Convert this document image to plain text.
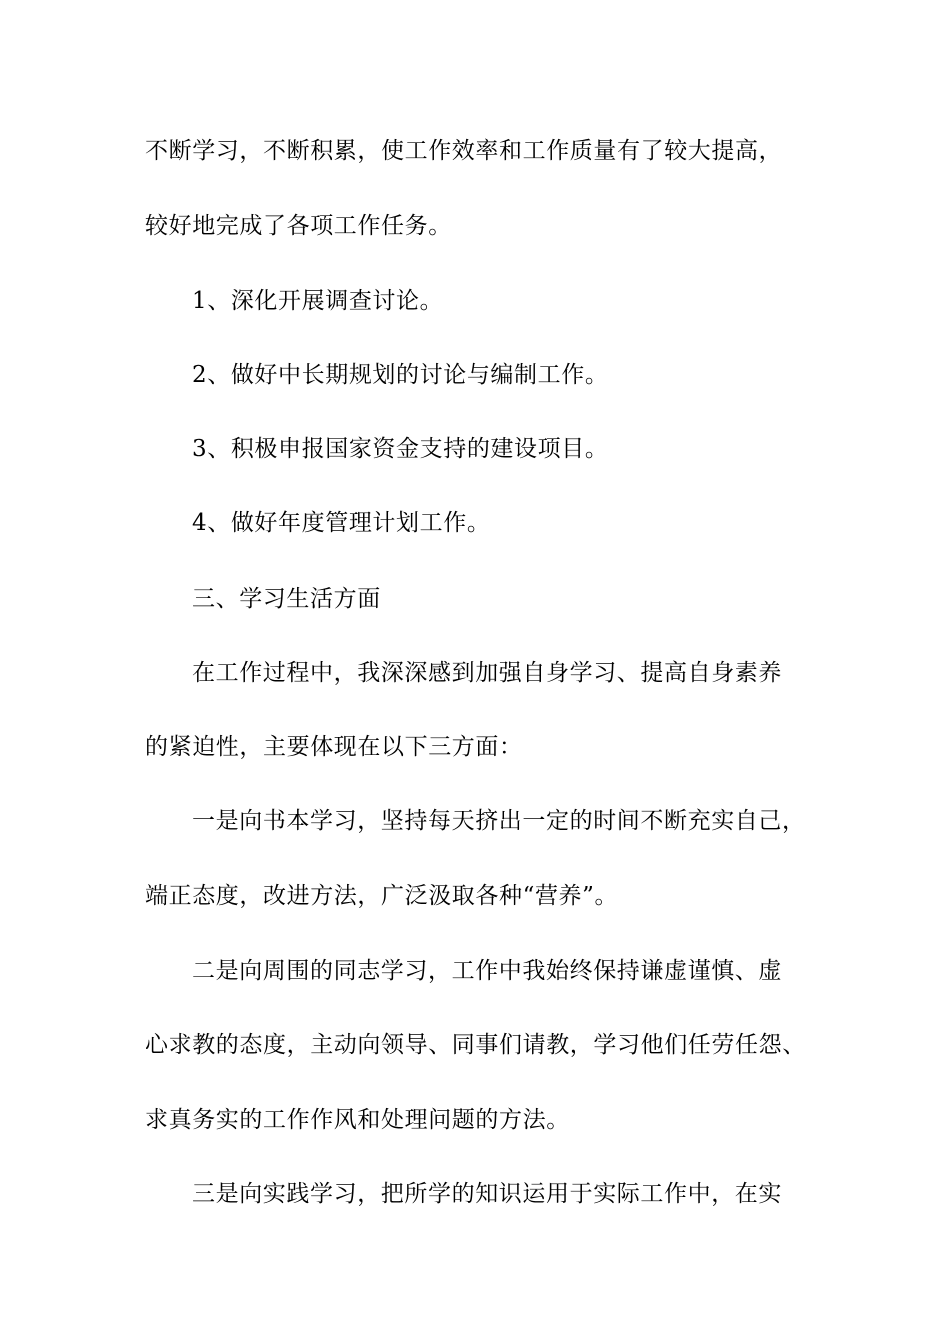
不断学习，不断积累，使工作效率和工作质量有了较大提高，

较好地完成了各项工作任务。

1、深化开展调查讨论。

2、做好中长期规划的讨论与编制工作。

3、积极申报国家资金支持的建设项目。

4、做好年度管理计划工作。

三、学习生活方面

在工作过程中，我深深感到加强自身学习、提高自身素养

的紧迫性，主要体现在以下三方面：

一是向书本学习，坚持每天挤出一定的时间不断充实自己，

端正态度，改进方法，广泛汲取各种“营养”。

二是向周围的同志学习，工作中我始终保持谦虚谨慎、虚

心求教的态度，主动向领导、同事们请教，学习他们任劳任怨、

求真务实的工作作风和处理问题的方法。

三是向实践学习，把所学的知识运用于实际工作中，在实
